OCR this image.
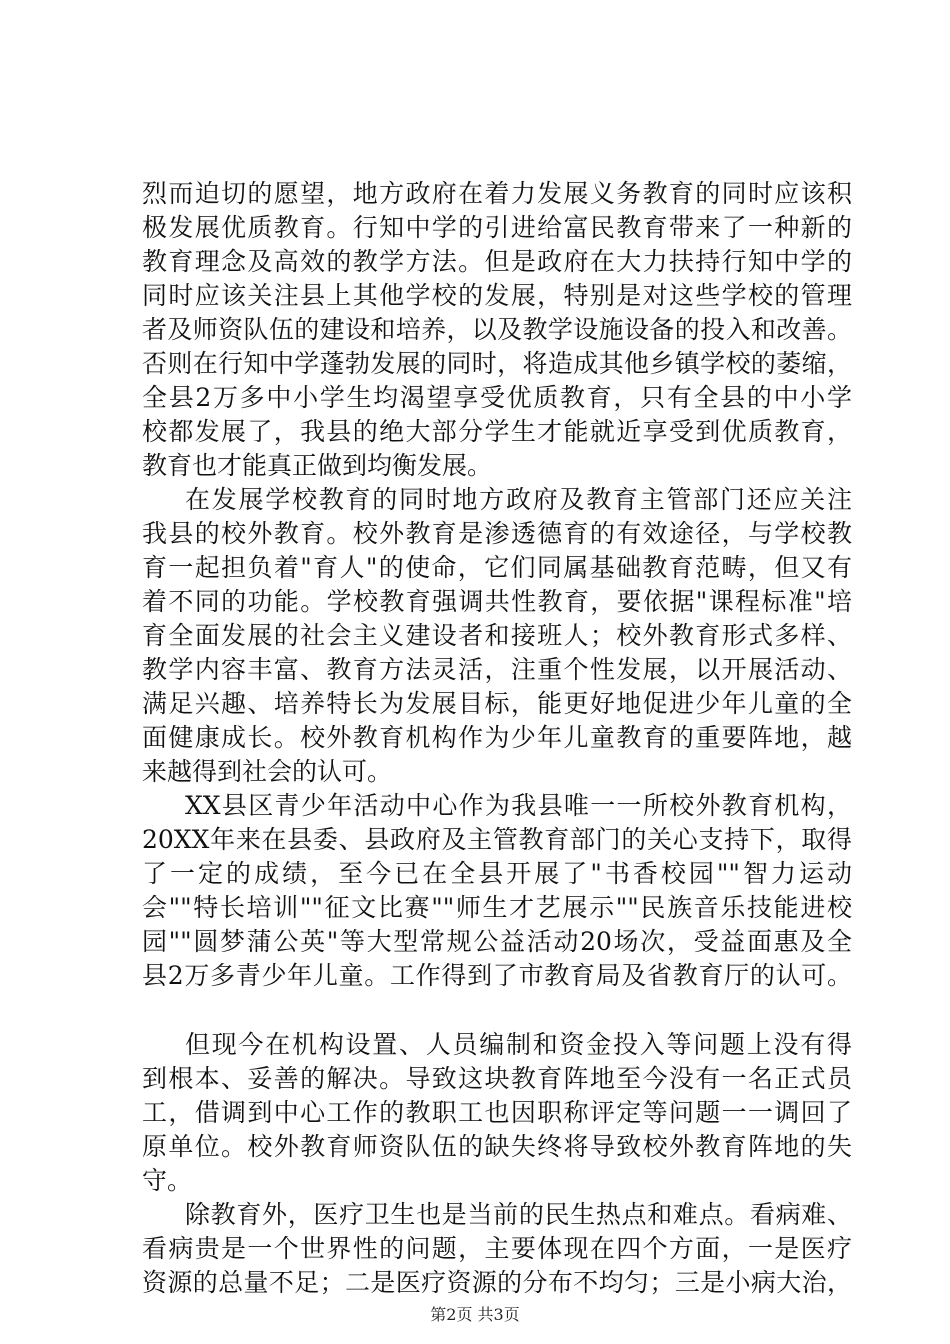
烈而迫切的愿望，地方政府在着力发展义务教育的同时应该积
极发展优质教育。行知中学的引进给富民教育带来了一种新的
教育理念及高效的教学方法。但是政府在大力扶持行知中学的
同时应该关注县上其他学校的发展，特别是对这些学校的管理
者及师资队伍的建设和培养，以及教学设施设备的投入和改善。
否则在行知中学蓬勃发展的同时，将造成其他乡镇学校的萎缩，
全县2万多中小学生均渴望享受优质教育，只有全县的中小学
校都发展了，我县的绝大部分学生才能就近享受到优质教育，
教育也才能真正做到均衡发展。
在发展学校教育的同时地方政府及教育主管部门还应关注
我县的校外教育。校外教育是渗透德育的有效途径，与学校教
育一起担负着"育人"的使命，它们同属基础教育范畴，但又有
着不同的功能。学校教育强调共性教育，要依据"课程标准"培
育全面发展的社会主义建设者和接班人；校外教育形式多样、
教学内容丰富、教育方法灵活，注重个性发展，以开展活动、
满足兴趣、培养特长为发展目标，能更好地促进少年儿童的全
面健康成长。校外教育机构作为少年儿童教育的重要阵地，越
来越得到社会的认可。
XX县区青少年活动中心作为我县唯一一所校外教育机构，
20XX年来在县委、县政府及主管教育部门的关心支持下，取得
了一定的成绩，至今已在全县开展了"书香校园""智力运动
会""特长培训""征文比赛""师生才艺展示""民族音乐技能进校
园""圆梦蒲公英"等大型常规公益活动20场次，受益面惠及全
县2万多青少年儿童。工作得到了市教育局及省教育厅的认可。
但现今在机构设置、人员编制和资金投入等问题上没有得
到根本、妥善的解决。导致这块教育阵地至今没有一名正式员
工，借调到中心工作的教职工也因职称评定等问题一一调回了
原单位。校外教育师资队伍的缺失终将导致校外教育阵地的失
守。
除教育外，医疗卫生也是当前的民生热点和难点。看病难、
看病贵是一个世界性的问题，主要体现在四个方面，一是医疗
资源的总量不足；二是医疗资源的分布不均匀；三是小病大治，
第2页 共3页
